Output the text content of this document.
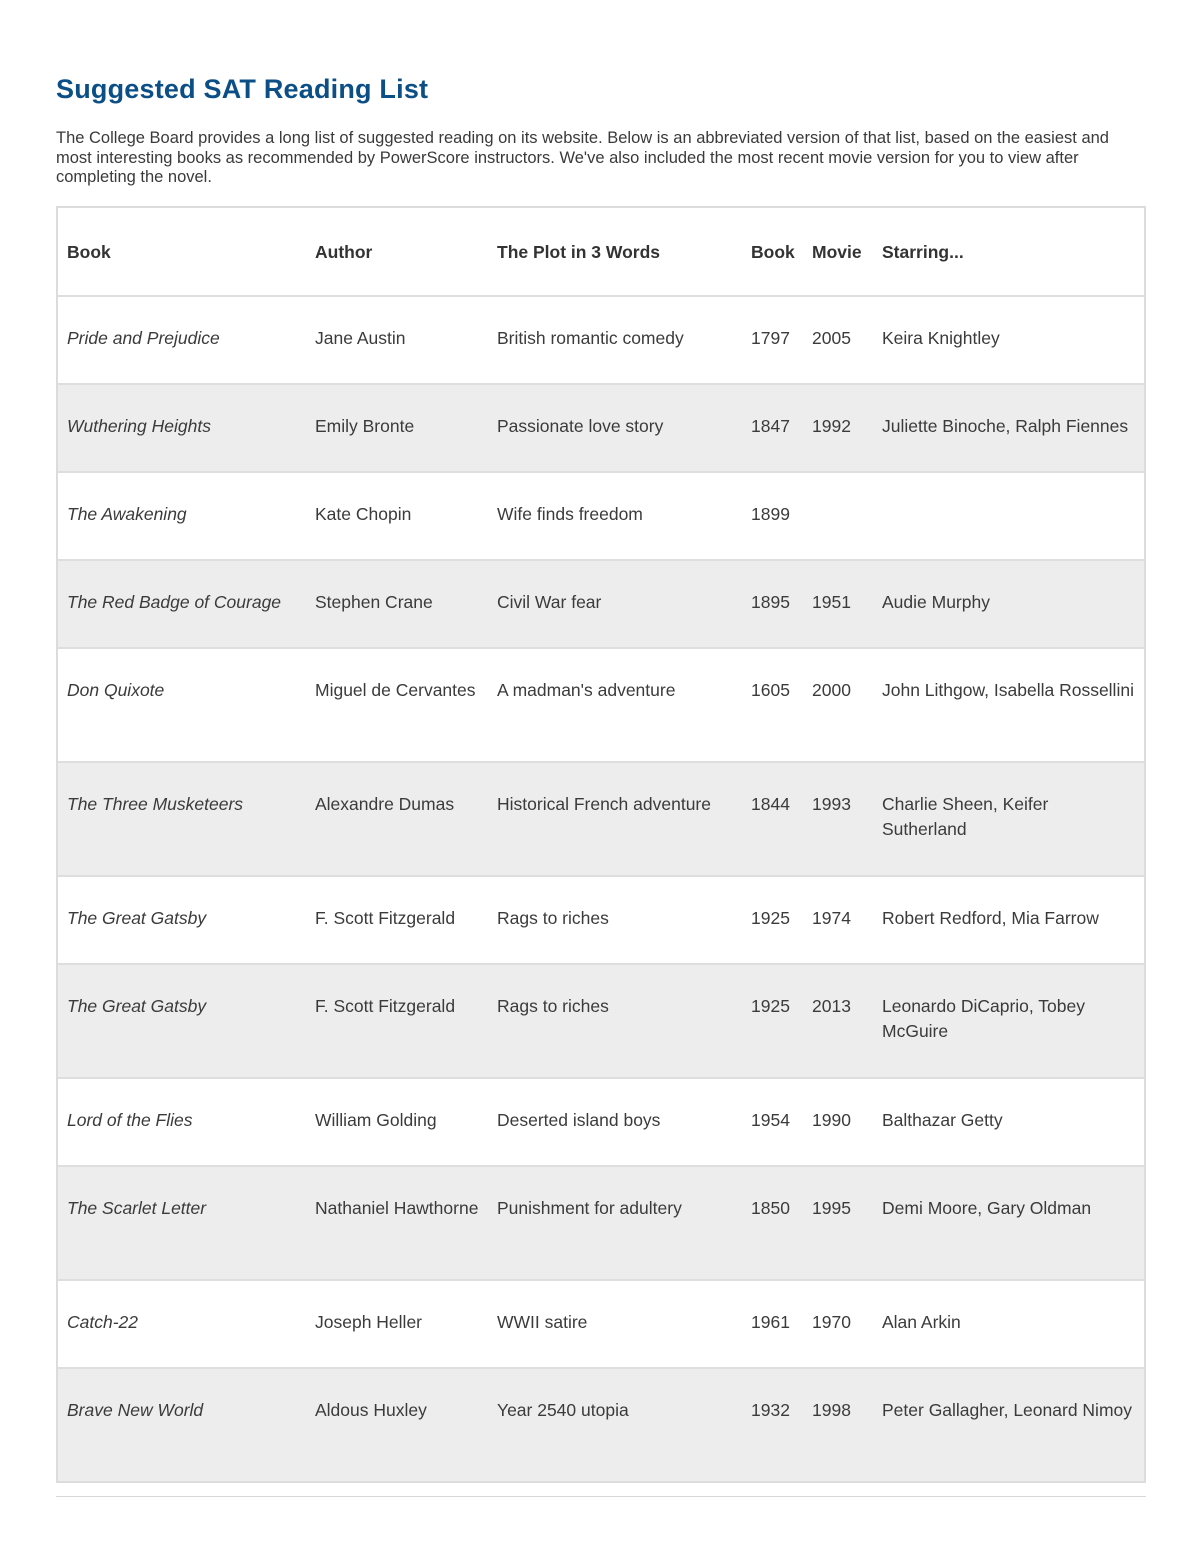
Suggested SAT Reading List

The College Board provides a long list of suggested reading on its website. Below is an abbreviated version of that list, based on the easiest and most interesting books as recommended by PowerScore instructors. We've also included the most recent movie version for you to view after completing the novel.

Book	Author	The Plot in 3 Words	Book	Movie	Starring...
Pride and Prejudice	Jane Austin	British romantic comedy	1797	2005	Keira Knightley
Wuthering Heights	Emily Bronte	Passionate love story	1847	1992	Juliette Binoche, Ralph Fiennes
The Awakening	Kate Chopin	Wife finds freedom	1899		
The Red Badge of Courage	Stephen Crane	Civil War fear	1895	1951	Audie Murphy
Don Quixote	Miguel de Cervantes	A madman's adventure	1605	2000	John Lithgow, Isabella Rossellini
The Three Musketeers	Alexandre Dumas	Historical French adventure	1844	1993	Charlie Sheen, Keifer Sutherland
The Great Gatsby	F. Scott Fitzgerald	Rags to riches	1925	1974	Robert Redford, Mia Farrow
The Great Gatsby	F. Scott Fitzgerald	Rags to riches	1925	2013	Leonardo DiCaprio, Tobey McGuire
Lord of the Flies	William Golding	Deserted island boys	1954	1990	Balthazar Getty
The Scarlet Letter	Nathaniel Hawthorne	Punishment for adultery	1850	1995	Demi Moore, Gary Oldman
Catch-22	Joseph Heller	WWII satire	1961	1970	Alan Arkin
Brave New World	Aldous Huxley	Year 2540 utopia	1932	1998	Peter Gallagher, Leonard Nimoy
